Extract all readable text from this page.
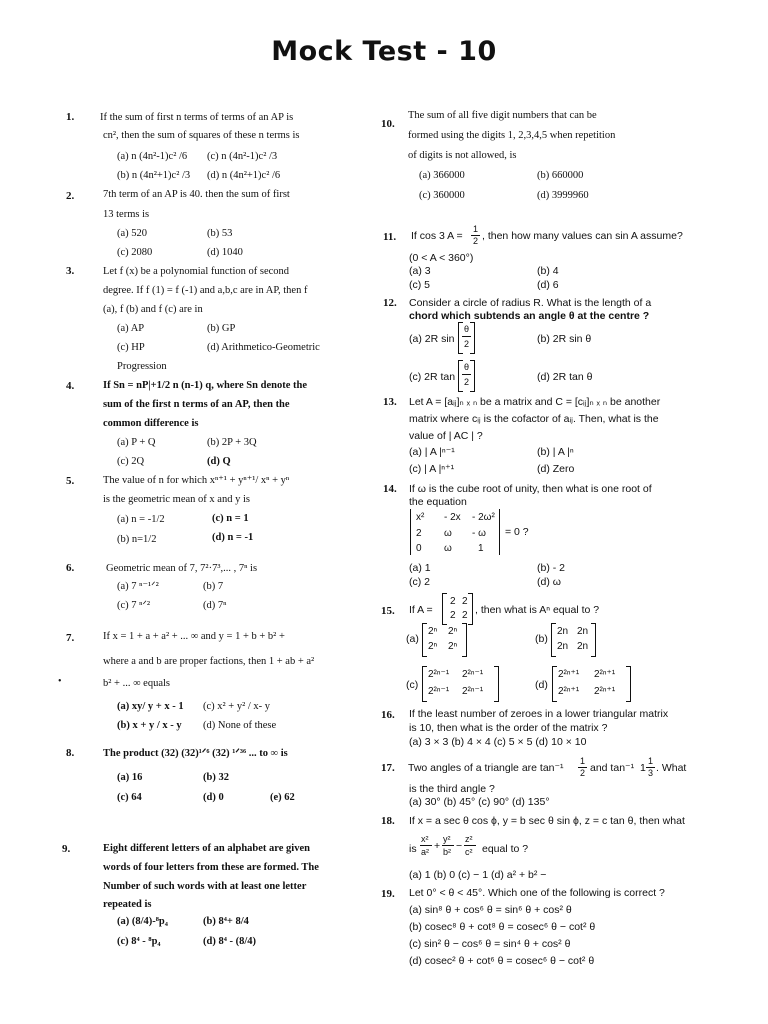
Mock Test - 10
1. If the sum of first n terms of terms of an AP is
cn², then the sum of squares of these n terms is
(a) n (4n²-1)c² /6 (c) n (4n²-1)c² /3
(b) n (4n²+1)c² /3 (d) n (4n²+1)c² /6
2.	7th term of an AP is 40. then the sum of first
13 terms is
(a) 520	(b) 53
(c) 2080	(d) 1040
3.	Let f (x) be a polynomial function of second
degree. If f (1) = f (-1) and a,b,c are in AP, then f
(a), f (b) and f (c) are in
(a) AP	(b) GP
(c) HP	(d) Arithmetico-Geometric
Progression
4.	If Sn = nP|+1/2 n (n-1) q, where Sn denote the
sum of the first n terms of an AP, then the
common difference is
(a) P + Q	(b) 2P + 3Q
(c) 2Q	(d) Q
5.	The value of n for which xⁿ⁺¹ + yⁿ⁺¹/ xⁿ + yⁿ
is the geometric mean of x and y is
(a) n = -1/2	(c) n = 1
(b) n=1/2	(d) n = -1
6.	Geometric mean of 7, 7²·7³,... , 7ⁿ is
(a) 7 ⁿ⁻¹ᐟ²	(b) 7
(c) 7 ⁿᐟ²	(d) 7ⁿ
7.	If x = 1 + a + a² + ... ∞ and y = 1 + b + b² +
where a and b are proper factions, then 1 + ab + a²
•	b² + ... ∞ equals
(a) xy/ y + x - 1 (c) x² + y² / x- y
(b) x + y / x - y (d) None of these
8.	The product (32) (32)¹ᐟ⁶ (32) ¹ᐟ³⁶ ... to ∞ is
(a) 16	(b) 32
(c) 64	(d) 0	(e) 62
9.	Eight different letters of an alphabet are given
words of four letters from these are formed. The
Number of such words with at least one letter
repeated is
(a) (8/4)-⁸p₄	(b) 8⁴+ 8/4
(c) 8⁴ - ⁸p₄	(d) 8⁴ - (8/4)
10.
The sum of all five digit numbers that can be
formed using the digits 1, 2,3,4,5 when repetition
of digits is not allowed, is
(a) 366000	(b) 660000
(c) 360000	(d) 3999960
11. If cos 3 A =
1
2 , then how many values can sin A assume?
(0 < A < 360°)
(a) 3	(b) 4
(c) 5	(d) 6
12. Consider a circle of radius R. What is the length of a
chord which subtends an angle θ at the centre ?
(a) 2R sin
θ
2	(b) 2R sin θ
(c) 2R tan
θ
2	(d) 2R tan θ
13. Let A = [aᵢⱼ]ₙ ₓ ₙ be a matrix and C = [cᵢⱼ]ₙ ₓ ₙ be another
matrix where cᵢⱼ is the cofactor of aᵢⱼ. Then, what is the
value of | AC | ?
(a) | A |ⁿ⁻¹	(b) | A |ⁿ
(c) | A |ⁿ⁺¹	(d) Zero
14. If ω is the cube root of unity, then what is one root of
the equation
x² - 2x - 2ω²
2 ω - ω
0 ω	1
= 0 ?
(a) 1	(b) - 2
(c) 2	(d) ω
15. If A =
2 2
2 2 , then what is Aⁿ equal to ?
(a)
2ⁿ 2ⁿ
2ⁿ 2ⁿ
(b)
2n 2n
2n 2n
(c)
2²ⁿ⁻¹ 2²ⁿ⁻¹
2²ⁿ⁻¹ 2²ⁿ⁻¹
(d)
2²ⁿ⁺¹ 2²ⁿ⁺¹
2²ⁿ⁺¹ 2²ⁿ⁺¹
16. If the least number of zeroes in a lower triangular matrix
is 10, then what is the order of the matrix ?
(a) 3 × 3 (b) 4 × 4 (c) 5 × 5 (d) 10 × 10
17. Two angles of a triangle are tan⁻¹
1
2 and tan⁻¹ 1
1
3 . What
is the third angle ?
(a) 30° (b) 45° (c) 90° (d) 135°
18. If x = a sec θ cos ϕ, y = b sec θ sin ϕ, z = c tan θ, then what
is
x²
a² +
y²
b² −
z²
c² equal to ?
(a) 1 (b) 0 (c) − 1 (d) a² + b² −
19. Let 0° < θ < 45°. Which one of the following is correct ?
(a) sin⁸ θ + cos⁶ θ = sin⁶ θ + cos² θ
(b) cosec⁸ θ + cot⁸ θ = cosec⁶ θ − cot² θ
(c) sin² θ − cos⁶ θ = sin⁴ θ + cos² θ
(d) cosec² θ + cot⁶ θ = cosec⁶ θ − cot² θ
